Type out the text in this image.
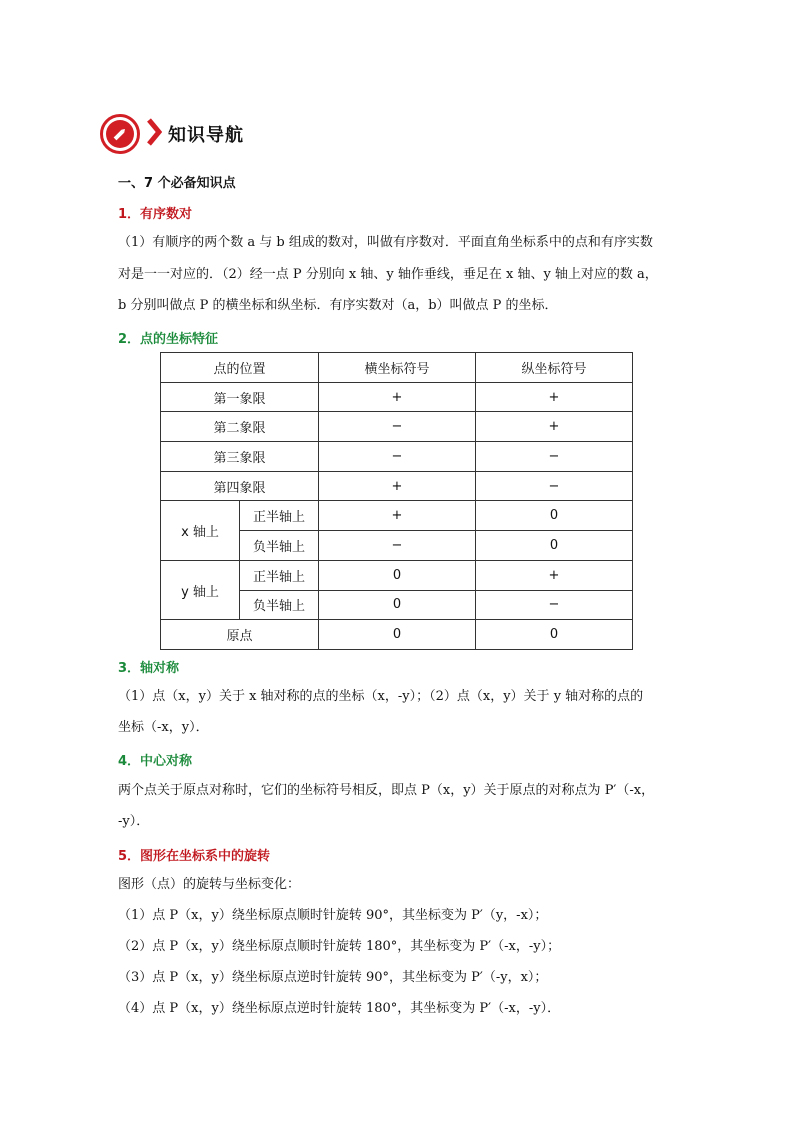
知识导航
一、7 个必备知识点
1．有序数对
（1）有顺序的两个数 a 与 b 组成的数对，叫做有序数对．平面直角坐标系中的点和有序实数
对是一一对应的．（2）经一点 P 分别向 x 轴、y 轴作垂线，垂足在 x 轴、y 轴上对应的数 a，
b 分别叫做点 P 的横坐标和纵坐标．有序实数对（a，b）叫做点 P 的坐标．
2．点的坐标特征
点的位置		横坐标符号	纵坐标符号
第一象限		+	+
第二象限		−	+
第三象限		−	−
第四象限		+	−
x 轴上	正半轴上	+	0
	负半轴上	−	0
y 轴上	正半轴上	0	+
	负半轴上	0	−
原点		0	0
3．轴对称
（1）点（x，y）关于 x 轴对称的点的坐标（x，-y）；（2）点（x，y）关于 y 轴对称的点的
坐标（-x，y）．
4．中心对称
两个点关于原点对称时，它们的坐标符号相反，即点 P（x，y）关于原点的对称点为 P′（-x，
-y）．
5．图形在坐标系中的旋转
图形（点）的旋转与坐标变化：
（1）点 P（x，y）绕坐标原点顺时针旋转 90°，其坐标变为 P′（y，-x）；
（2）点 P（x，y）绕坐标原点顺时针旋转 180°，其坐标变为 P′（-x，-y）；
（3）点 P（x，y）绕坐标原点逆时针旋转 90°，其坐标变为 P′（-y，x）；
（4）点 P（x，y）绕坐标原点逆时针旋转 180°，其坐标变为 P′（-x，-y）．
